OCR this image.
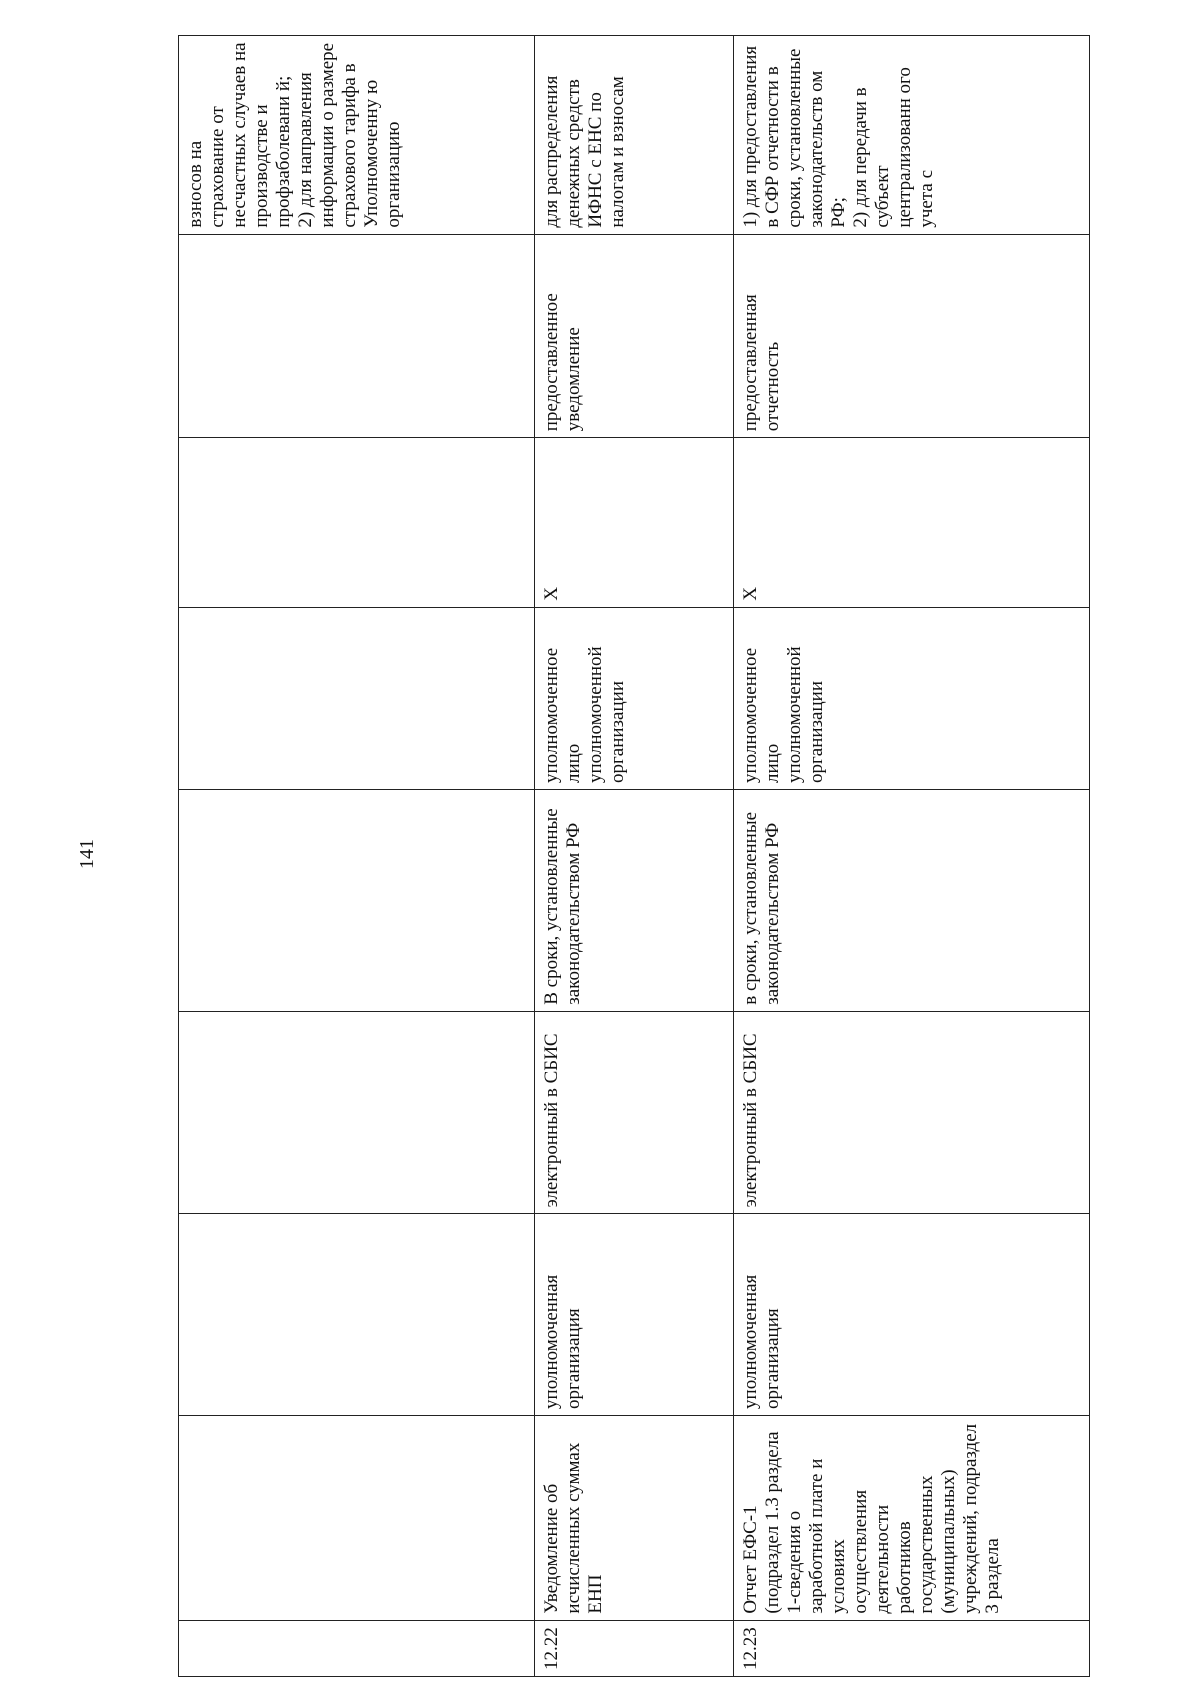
141
								взносов на страхование от несчастных случаев на производстве и профзаболевани й;
2) для направления информации о размере страхового тарифа в Уполномоченну ю организацию
12.22	Уведомление об исчисленных суммах ЕНП	уполномоченная организация	электронный в СБИС	В сроки, установленные законодательством РФ	уполномоченное лицо уполномоченной организации	Х	предоставленное уведомление	для распределения денежных средств ИФНС с ЕНС по налогам и взносам
12.23	Отчет ЕФС-1 (подраздел 1.3 раздела 1-сведения о заработной плате и условиях осуществления деятельности работников государственных (муниципальных) учреждений, подраздел 3 раздела	уполномоченная организация	электронный в СБИС	в сроки, установленные законодательством РФ	уполномоченное лицо уполномоченной организации	Х	предоставленная отчетность	1) для предоставления в СФР отчетности в сроки, установленные законодательств ом РФ;
2) для передачи в субъект централизованн ого учета с
